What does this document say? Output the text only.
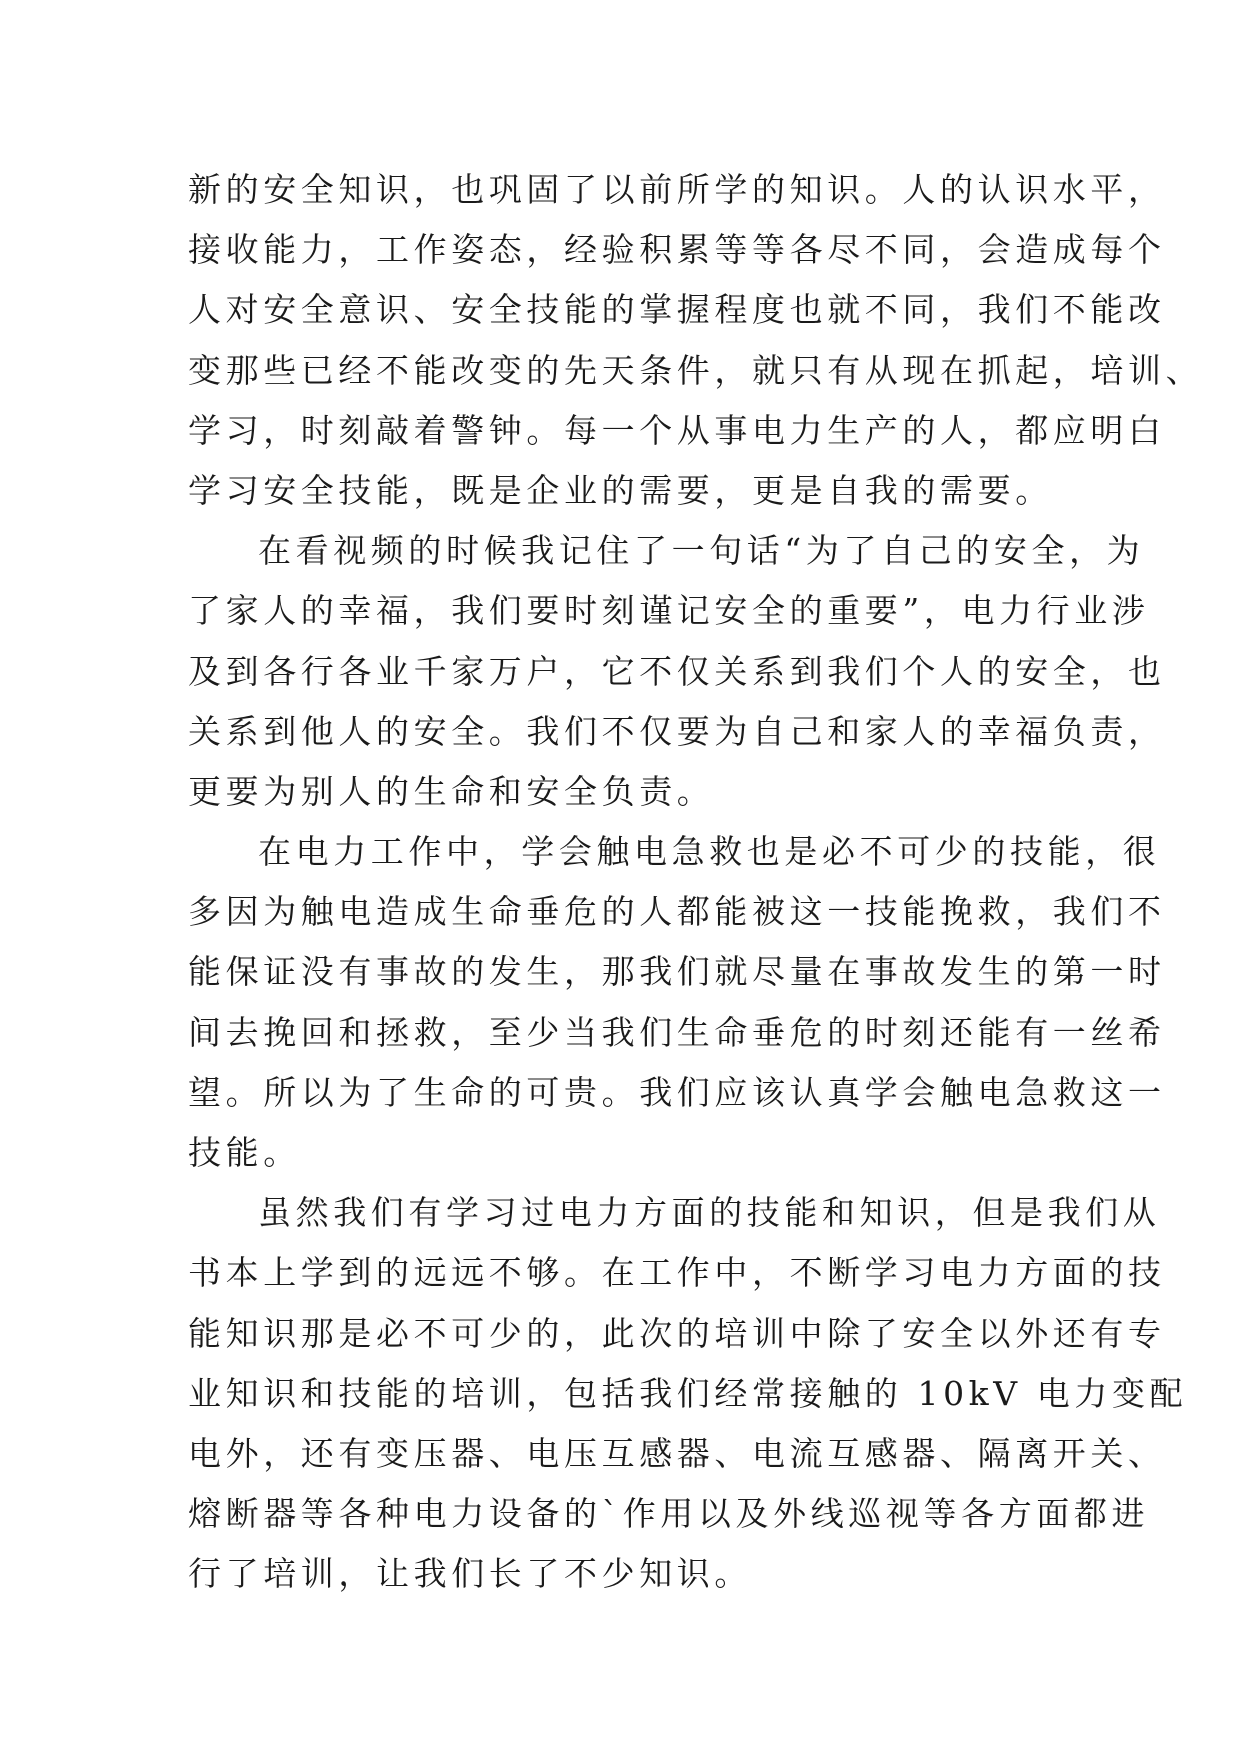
新的安全知识，也巩固了以前所学的知识。人的认识水平，
接收能力，工作姿态，经验积累等等各尽不同，会造成每个
人对安全意识、安全技能的掌握程度也就不同，我们不能改
变那些已经不能改变的先天条件，就只有从现在抓起，培训、
学习，时刻敲着警钟。每一个从事电力生产的人，都应明白
学习安全技能，既是企业的需要，更是自我的需要。
在看视频的时候我记住了一句话“为了自己的安全，为
了家人的幸福，我们要时刻谨记安全的重要”，电力行业涉
及到各行各业千家万户，它不仅关系到我们个人的安全，也
关系到他人的安全。我们不仅要为自己和家人的幸福负责，
更要为别人的生命和安全负责。
在电力工作中，学会触电急救也是必不可少的技能，很
多因为触电造成生命垂危的人都能被这一技能挽救，我们不
能保证没有事故的发生，那我们就尽量在事故发生的第一时
间去挽回和拯救，至少当我们生命垂危的时刻还能有一丝希
望。所以为了生命的可贵。我们应该认真学会触电急救这一
技能。
虽然我们有学习过电力方面的技能和知识，但是我们从
书本上学到的远远不够。在工作中，不断学习电力方面的技
能知识那是必不可少的，此次的培训中除了安全以外还有专
业知识和技能的培训，包括我们经常接触的 10kV 电力变配
电外，还有变压器、电压互感器、电流互感器、隔离开关、
熔断器等各种电力设备的`作用以及外线巡视等各方面都进
行了培训，让我们长了不少知识。
